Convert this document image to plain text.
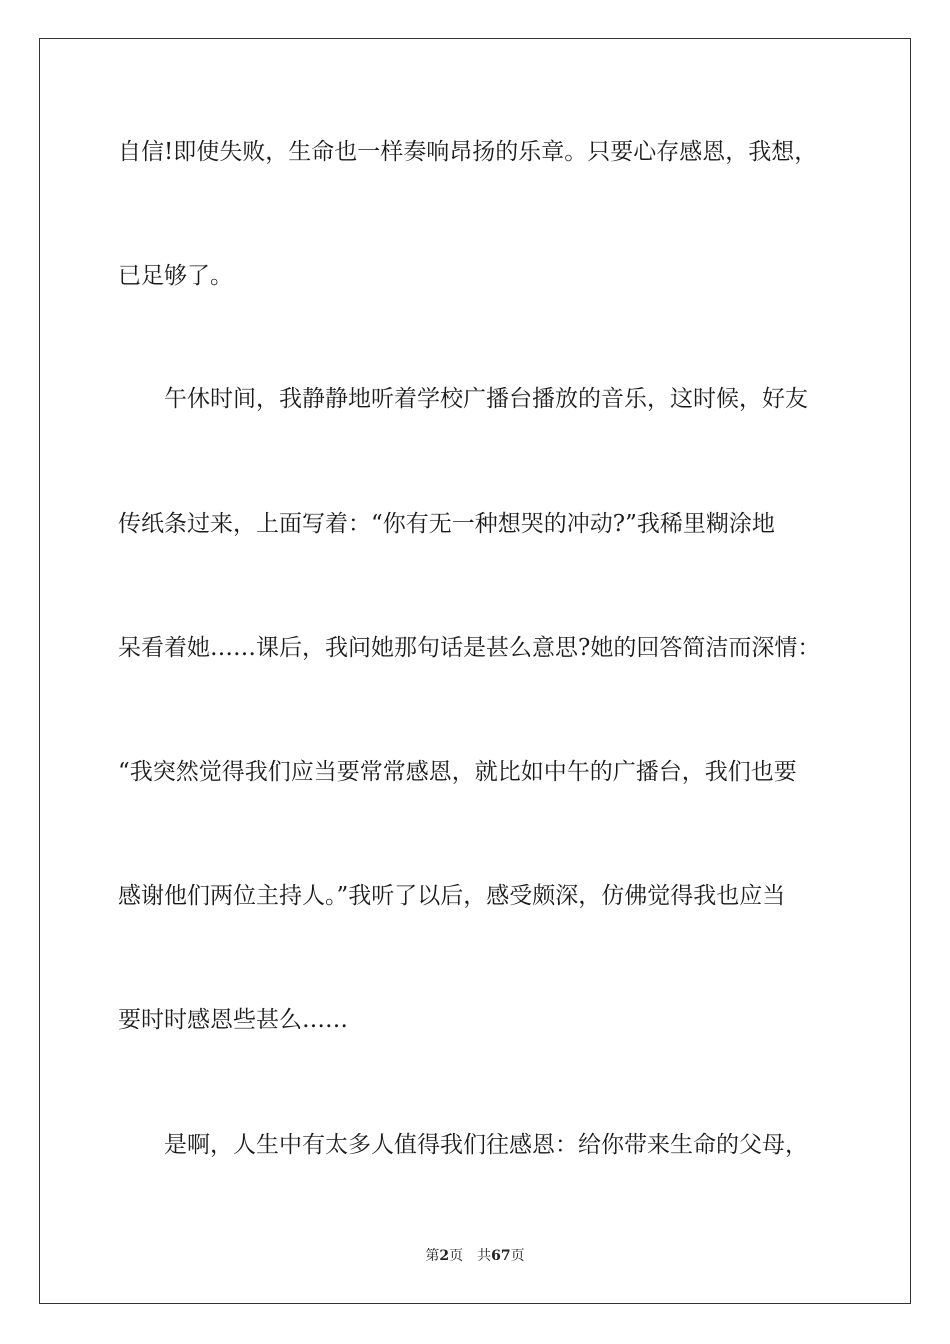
自信!即使失败，生命也一样奏响昂扬的乐章。只要心存感恩，我想，
已足够了。
午休时间，我静静地听着学校广播台播放的音乐，这时候，好友
传纸条过来，上面写着：“你有无一种想哭的冲动?”我稀里糊涂地
呆看着她……课后，我问她那句话是甚么意思?她的回答简洁而深情：
“我突然觉得我们应当要常常感恩，就比如中午的广播台，我们也要
感谢他们两位主持人。”我听了以后，感受颇深，仿佛觉得我也应当
要时时感恩些甚么……
是啊，人生中有太多人值得我们往感恩：给你带来生命的父母，
第2页 共67页
